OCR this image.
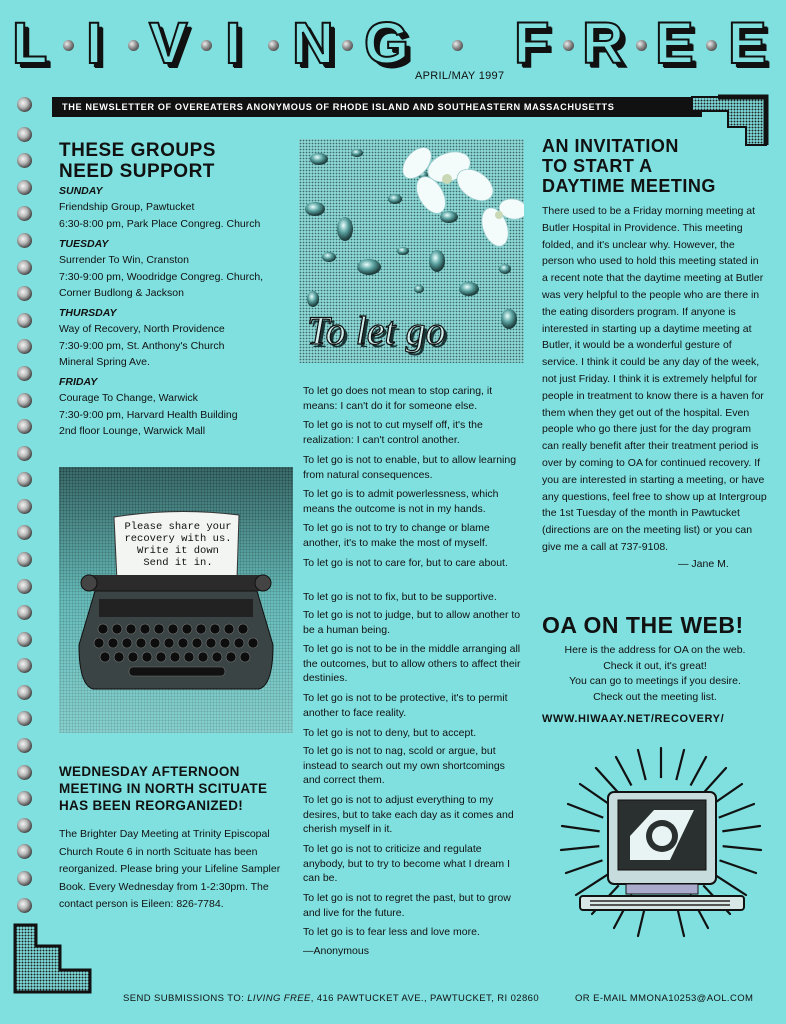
L I V I N G F R E E
APRIL/MAY 1997
THE NEWSLETTER OF OVEREATERS ANONYMOUS OF RHODE ISLAND AND SOUTHEASTERN MASSACHUSETTS
THESE GROUPS
NEED SUPPORT
SUNDAY
Friendship Group, Pawtucket
6:30-8:00 pm, Park Place Congreg. Church
TUESDAY
Surrender To Win, Cranston
7:30-9:00 pm, Woodridge Congreg. Church,
Corner Budlong & Jackson
THURSDAY
Way of Recovery, North Providence
7:30-9:00 pm, St. Anthony's Church
Mineral Spring Ave.
FRIDAY
Courage To Change, Warwick
7:30-9:00 pm, Harvard Health Building
2nd floor Lounge, Warwick Mall
Please share your
recovery with us.
Write it down
Send it in.
To let go
To let go does not mean to stop caring, it means: I can't do it for someone else.
To let go is not to cut myself off, it's the realization: I can't control another.
To let go is not to enable, but to allow learning from natural consequences.
To let go is to admit powerlessness, which means the outcome is not in my hands.
To let go is not to try to change or blame another, it's to make the most of myself.
To let go is not to care for, but to care about.
To let go is not to fix, but to be supportive.
To let go is not to judge, but to allow another to be a human being.
To let go is not to be in the middle arranging all the outcomes, but to allow others to affect their destinies.
To let go is not to be protective, it's to permit another to face reality.
To let go is not to deny, but to accept.
To let go is not to nag, scold or argue, but instead to search out my own shortcomings and correct them.
To let go is not to adjust everything to my desires, but to take each day as it comes and cherish myself in it.
To let go is not to criticize and regulate anybody, but to try to become what I dream I can be.
To let go is not to regret the past, but to grow and live for the future.
To let go is to fear less and love more.
—Anonymous
AN INVITATION
TO START A
DAYTIME MEETING
There used to be a Friday morning meeting at Butler Hospital in Providence. This meeting folded, and it's unclear why. However, the person who used to hold this meeting stated in a recent note that the daytime meeting at Butler was very helpful to the people who are there in the eating disorders program. If anyone is interested in starting up a daytime meeting at Butler, it would be a wonderful gesture of service. I think it could be any day of the week, not just Friday. I think it is extremely helpful for people in treatment to know there is a haven for them when they get out of the hospital. Even people who go there just for the day program can really benefit after their treatment period is over by coming to OA for continued recovery. If you are interested in starting a meeting, or have any questions, feel free to show up at Intergroup the 1st Tuesday of the month in Pawtucket (directions are on the meeting list) or you can give me a call at 737-9108.
— Jane M.
OA ON THE WEB!
Here is the address for OA on the web.
Check it out, it's great!
You can go to meetings if you desire.
Check out the meeting list.
WWW.HIWAAY.NET/RECOVERY/
WEDNESDAY AFTERNOON
MEETING IN NORTH SCITUATE
HAS BEEN REORGANIZED!
The Brighter Day Meeting at Trinity Episcopal Church Route 6 in north Scituate has been reorganized. Please bring your Lifeline Sampler Book. Every Wednesday from 1-2:30pm. The contact person is Eileen: 826-7784.
SEND SUBMISSIONS TO: LIVING FREE, 416 PAWTUCKET AVE., PAWTUCKET, RI 02860	OR E-MAIL MMONA10253@AOL.COM
